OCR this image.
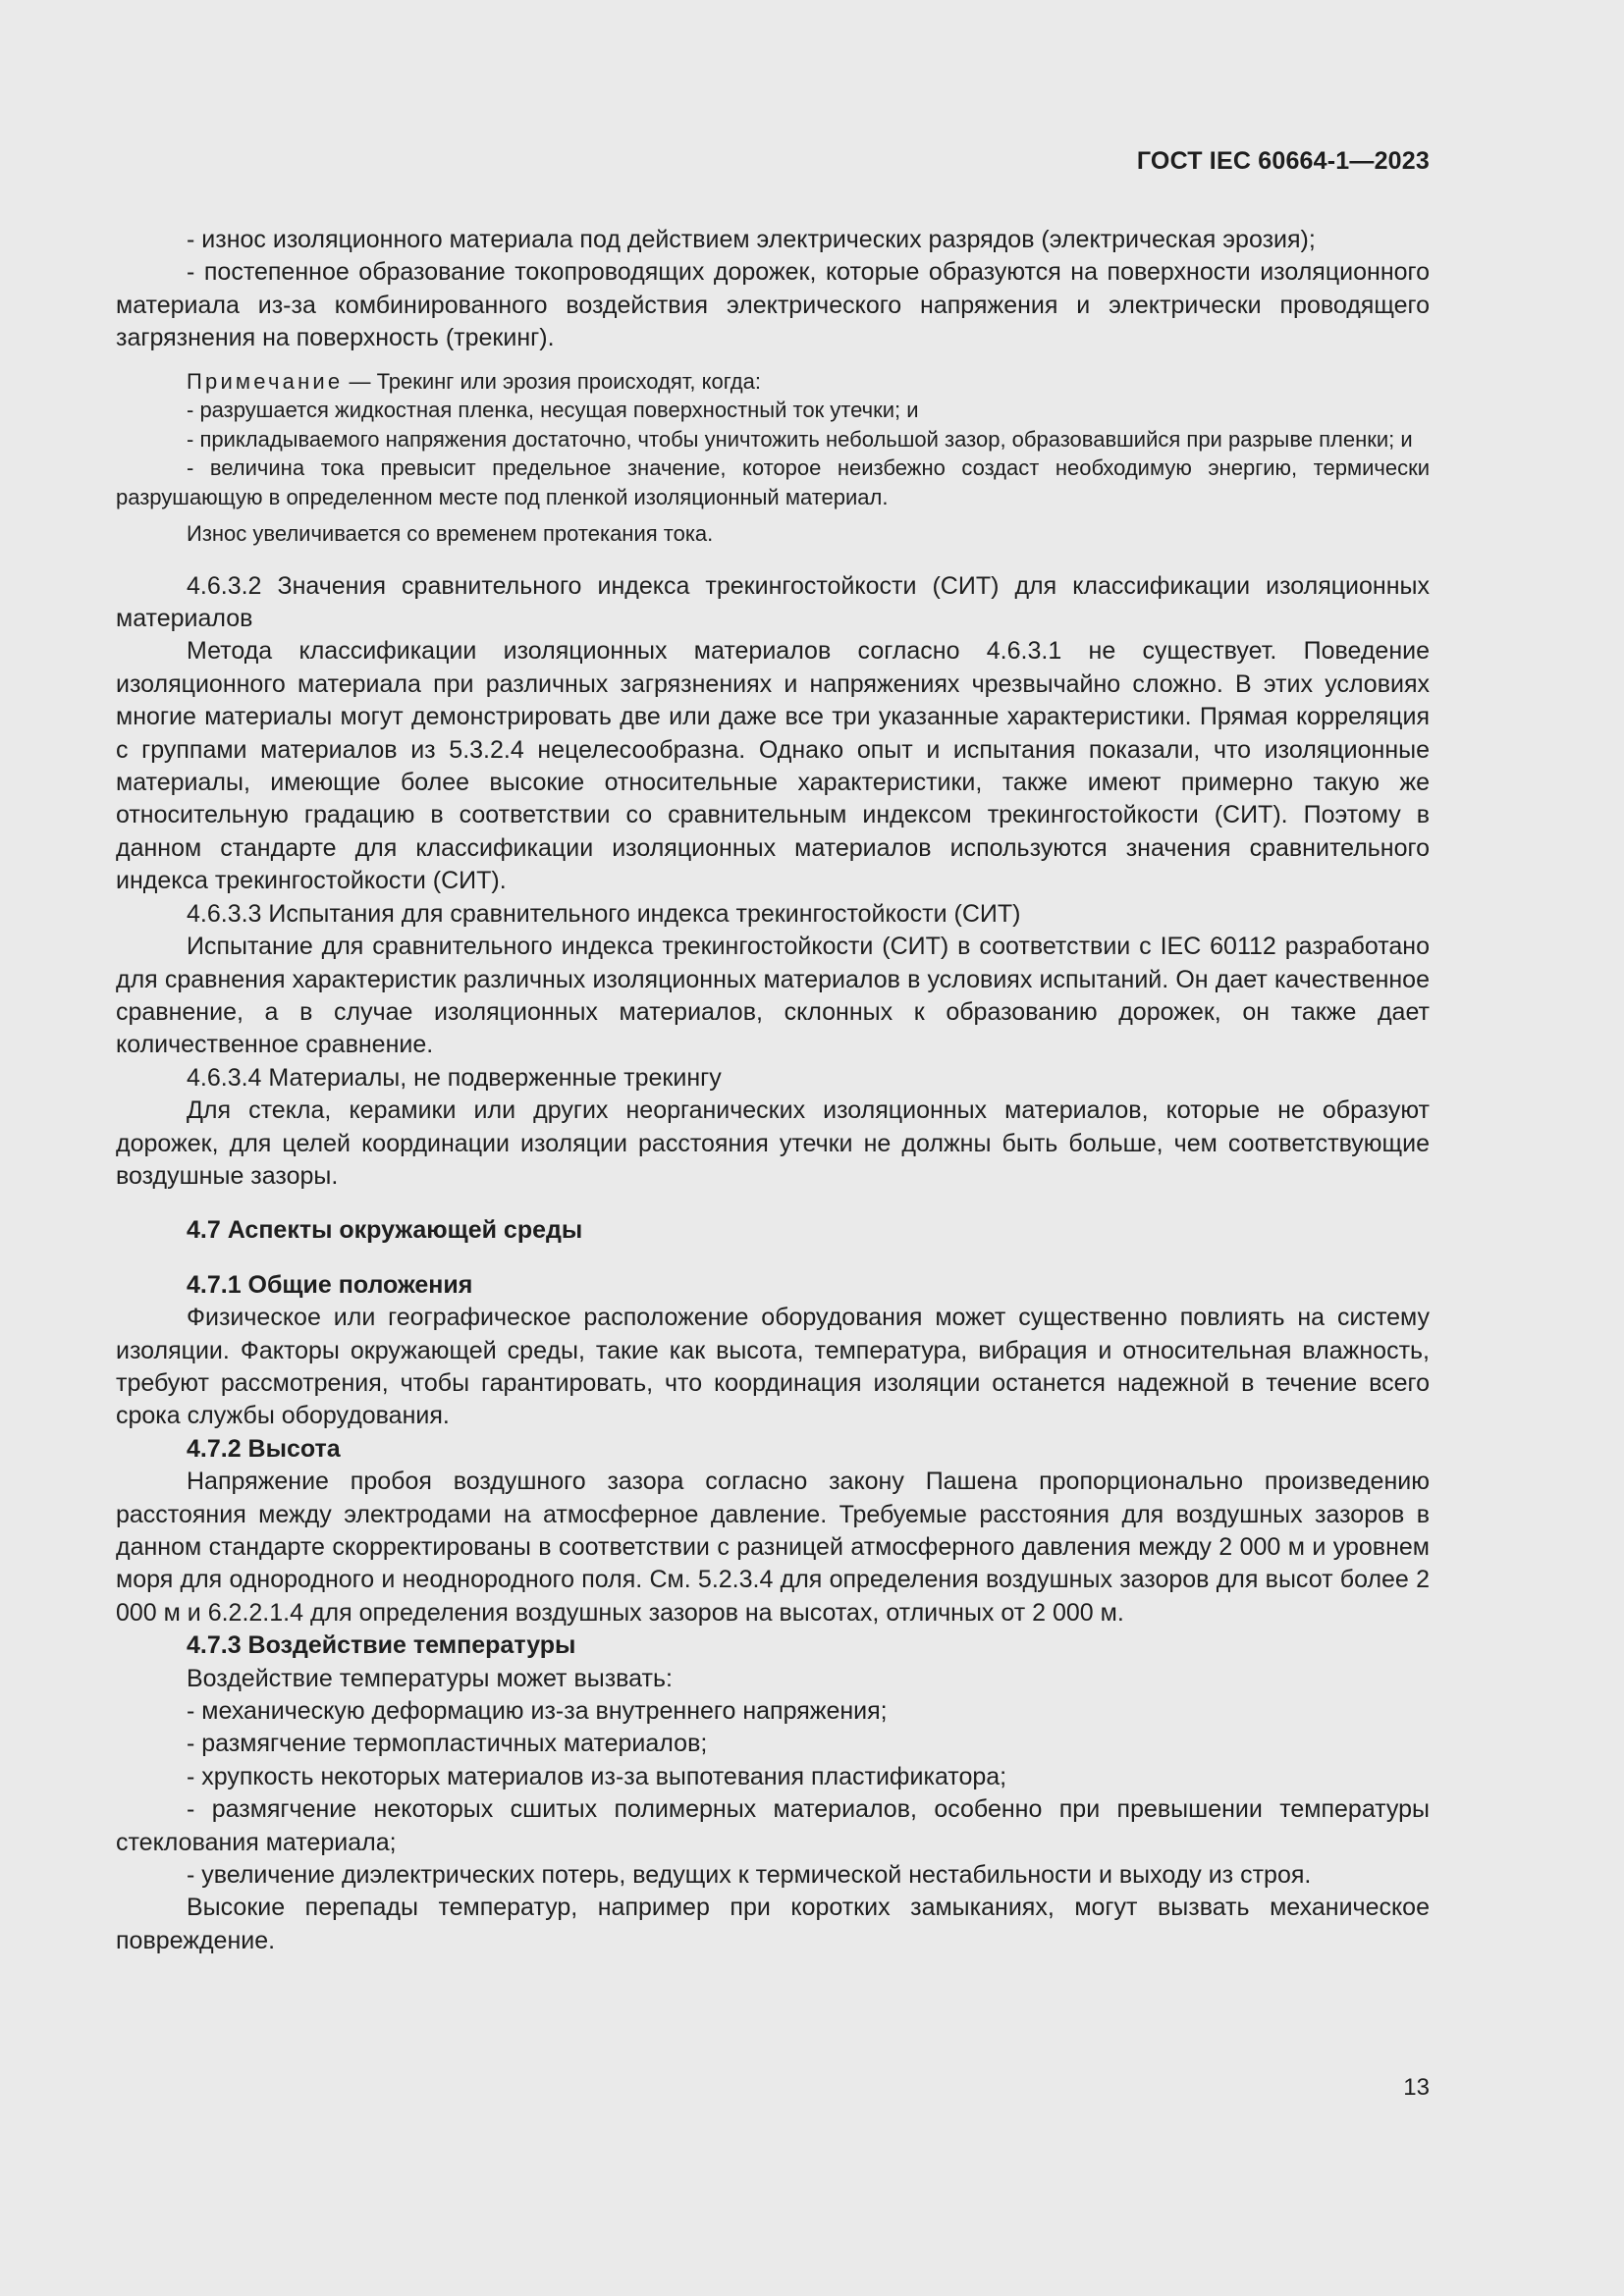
ГОСТ IEC 60664-1—2023

- износ изоляционного материала под действием электрических разрядов (электрическая эрозия);

- постепенное образование токопроводящих дорожек, которые образуются на поверхности изоляционного материала из-за комбинированного воздействия электрического напряжения и электрически проводящего загрязнения на поверхность (трекинг).

Примечание — Трекинг или эрозия происходят, когда:

- разрушается жидкостная пленка, несущая поверхностный ток утечки; и

- прикладываемого напряжения достаточно, чтобы уничтожить небольшой зазор, образовавшийся при разрыве пленки; и

- величина тока превысит предельное значение, которое неизбежно создаст необходимую энергию, термически разрушающую в определенном месте под пленкой изоляционный материал.

Износ увеличивается со временем протекания тока.

4.6.3.2 Значения сравнительного индекса трекингостойкости (СИТ) для классификации изоляционных материалов

Метода классификации изоляционных материалов согласно 4.6.3.1 не существует. Поведение изоляционного материала при различных загрязнениях и напряжениях чрезвычайно сложно. В этих условиях многие материалы могут демонстрировать две или даже все три указанные характеристики. Прямая корреляция с группами материалов из 5.3.2.4 нецелесообразна. Однако опыт и испытания показали, что изоляционные материалы, имеющие более высокие относительные характеристики, также имеют примерно такую же относительную градацию в соответствии со сравнительным индексом трекингостойкости (СИТ). Поэтому в данном стандарте для классификации изоляционных материалов используются значения сравнительного индекса трекингостойкости (СИТ).

4.6.3.3 Испытания для сравнительного индекса трекингостойкости (СИТ)

Испытание для сравнительного индекса трекингостойкости (СИТ) в соответствии с IEC 60112 разработано для сравнения характеристик различных изоляционных материалов в условиях испытаний. Он дает качественное сравнение, а в случае изоляционных материалов, склонных к образованию дорожек, он также дает количественное сравнение.

4.6.3.4 Материалы, не подверженные трекингу

Для стекла, керамики или других неорганических изоляционных материалов, которые не образуют дорожек, для целей координации изоляции расстояния утечки не должны быть больше, чем соответствующие воздушные зазоры.

4.7 Аспекты окружающей среды
4.7.1 Общие положения

Физическое или географическое расположение оборудования может существенно повлиять на систему изоляции. Факторы окружающей среды, такие как высота, температура, вибрация и относительная влажность, требуют рассмотрения, чтобы гарантировать, что координация изоляции останется надежной в течение всего срока службы оборудования.

4.7.2 Высота

Напряжение пробоя воздушного зазора согласно закону Пашена пропорционально произведению расстояния между электродами на атмосферное давление. Требуемые расстояния для воздушных зазоров в данном стандарте скорректированы в соответствии с разницей атмосферного давления между 2 000 м и уровнем моря для однородного и неоднородного поля. См. 5.2.3.4 для определения воздушных зазоров для высот более 2 000 м и 6.2.2.1.4 для определения воздушных зазоров на высотах, отличных от 2 000 м.

4.7.3 Воздействие температуры

Воздействие температуры может вызвать:

- механическую деформацию из-за внутреннего напряжения;

- размягчение термопластичных материалов;

- хрупкость некоторых материалов из-за выпотевания пластификатора;

- размягчение некоторых сшитых полимерных материалов, особенно при превышении температуры стеклования материала;

- увеличение диэлектрических потерь, ведущих к термической нестабильности и выходу из строя.

Высокие перепады температур, например при коротких замыканиях, могут вызвать механическое повреждение.

13
